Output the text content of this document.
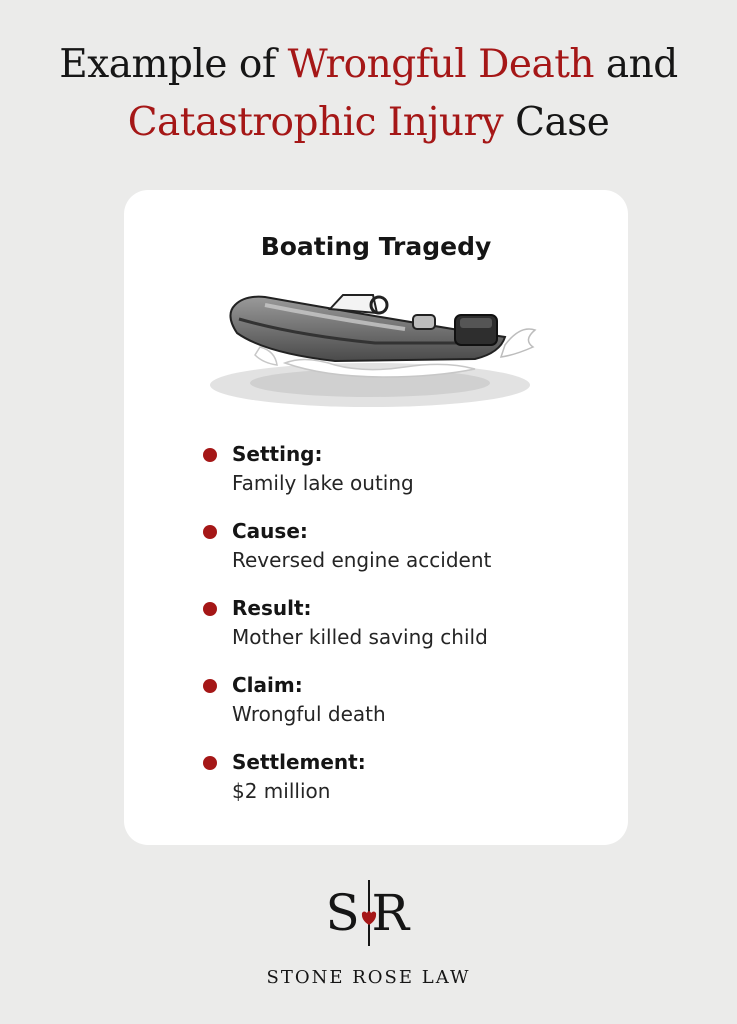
Example of Wrongful Death and
Catastrophic Injury Case
Boating Tragedy
Setting:
Family lake outing
Cause:
Reversed engine accident
Result:
Mother killed saving child
Claim:
Wrongful death
Settlement:
$2 million
S R
STONE ROSE LAW
